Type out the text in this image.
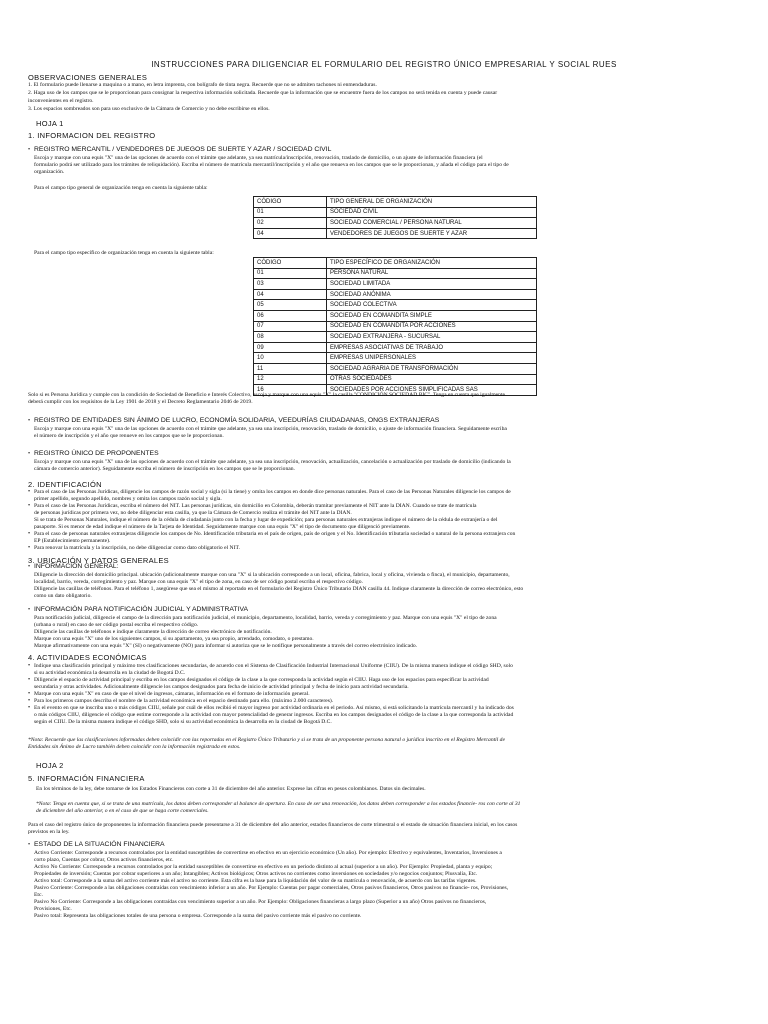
INSTRUCCIONES PARA DILIGENCIAR EL FORMULARIO DEL REGISTRO ÚNICO EMPRESARIAL Y SOCIAL RUES
OBSERVACIONES GENERALES
1. El formulario puede llenarse a maquina o a mano, en letra imprenta, con bolígrafo de tinta negra. Recuerde que no se admiten tachones ni enmendaduras.
2. Haga uso de los campos que se le proporcionan para consignar la respectiva información solicitada. Recuerde que la información que se encuentre fuera de los campos no será tenida en cuenta y puede causar
inconvenientes en el registro.
3. Los espacios sombreados son para uso exclusivo de la Cámara de Comercio y no debe escribirse en ellos.
HOJA 1
1. INFORMACION DEL REGISTRO
• REGISTRO MERCANTIL / VENDEDORES DE JUEGOS DE SUERTE Y AZAR / SOCIEDAD CIVIL
Escoja y marque con una equis "X" una de las opciones de acuerdo con el trámite que adelante, ya sea matrícula/inscripción, renovación, traslado de domicilio, o un ajuste de información financiera (el
formulario podrá ser utilizado para los trámites de reliquidación). Escriba el número de matrícula mercantil/inscripción y el año que renueva en los campos que se le proporcionan, y añada el código para el tipo de
organización.
Para el campo tipo general de organización tenga en cuenta la siguiente tabla:
CÓDIGO	TIPO GENERAL DE ORGANIZACIÓN
01	SOCIEDAD CIVIL
02	SOCIEDAD COMERCIAL / PERSONA NATURAL
04	VENDEDORES DE JUEGOS DE SUERTE Y AZAR
Para el campo tipo específico de organización tenga en cuenta la siguiente tabla:
CÓDIGO	TIPO ESPECÍFICO DE ORGANIZACIÓN
01	PERSONA NATURAL
03	SOCIEDAD LIMITADA
04	SOCIEDAD ANÓNIMA
05	SOCIEDAD COLECTIVA
06	SOCIEDAD EN COMANDITA SIMPLE
07	SOCIEDAD EN COMANDITA POR ACCIONES
08	SOCIEDAD EXTRANJERA - SUCURSAL
09	EMPRESAS ASOCIATIVAS DE TRABAJO
10	EMPRESAS UNIPERSONALES
11	SOCIEDAD AGRARIA DE TRANSFORMACIÓN
12	OTRAS SOCIEDADES
16	SOCIEDADES POR ACCIONES SIMPLIFICADAS SAS
Solo si es Persona Jurídica y cumple con la condición de Sociedad de Beneficio e Interés Colectivo, escoja y marque con una equis "X" la casilla "CONDICIÓN SOCIEDAD BIC". Tenga en cuenta que igualmente
deberá cumplir con los requisitos de la Ley 1901 de 2018 y el Decreto Reglamentario 2046 de 2019.
• REGISTRO DE ENTIDADES SIN ÁNIMO DE LUCRO, ECONOMÍA SOLIDARIA, VEEDURÍAS CIUDADANAS, ONGS EXTRANJERAS
Escoja y marque con una equis "X" una de las opciones de acuerdo con el trámite que adelante, ya sea una inscripción, renovación, traslado de domicilio, o ajuste de información financiera. Seguidamente escriba
el número de inscripción y el año que renueve en los campos que se le proporcionan.
• REGISTRO ÚNICO DE PROPONENTES
Escoja y marque con una equis "X" una de las opciones de acuerdo con el trámite que adelante, ya sea una inscripción, renovación, actualización, cancelación o actualización por traslado de domicilio (indicando la
cámara de comercio anterior). Seguidamente escriba el número de inscripción en los campos que se le proporcionan.
2. IDENTIFICACIÓN
• Para el caso de las Personas Jurídicas, diligencie los campos de razón social y sigla (si la tiene) y omita los campos en donde dice personas naturales. Para el caso de las Personas Naturales diligencie los campos de
primer apellido, segundo apellido, nombres y omita los campos razón social y sigla.
• Para el caso de las Personas Jurídicas, escriba el número del NIT. Las personas jurídicas, sin domicilio en Colombia, deberán tramitar previamente el NIT ante la DIAN. Cuando se trate de matrícula
de personas jurídicas por primera vez, no debe diligenciar esta casilla, ya que la Cámara de Comercio realiza el trámite del NIT ante la DIAN.
Si se trata de Personas Naturales, indique el número de la cédula de ciudadanía junto con la fecha y lugar de expedición; para personas naturales extranjeras indique el número de la cédula de extranjería o del
pasaporte. Si es menor de edad indique el número de la Tarjeta de Identidad. Seguidamente marque con una equis "X" el tipo de documento que diligenció previamente.
• Para el caso de personas naturales extranjeras diligencie los campos de No. Identificación tributaria en el país de origen, país de origen y el No. Identificación tributaria sociedad o natural de la persona extranjera con
EP (Establecimiento permanente).
• Para renovar la matrícula y la inscripción, no debe diligenciar como dato obligatorio el NIT.
3. UBICACIÓN Y DATOS GENERALES
• INFORMACIÓN GENERAL:
Diligencie la dirección del domicilio principal. ubicación (adicionalmente marque con una "X" si la ubicación corresponde a un local, oficina, fabrica, local y oficina, vivienda o finca), el municipio, departamento,
localidad, barrio, vereda, corregimiento y paz. Marque con una equis "X" el tipo de zona, en caso de ser código postal escriba el respectivo código.
Diligencie las casillas de teléfonos. Para el teléfono 1, asegúrese que sea el mismo al reportado en el formulario del Registro Único Tributario DIAN casilla 44. Indique claramente la dirección de correo electrónico, esto
como un dato obligatorio.
• INFORMACIÓN PARA NOTIFICACIÓN JUDICIAL Y ADMINISTRATIVA
Para notificación judicial, diligencie el campo de la dirección para notificación judicial, el municipio, departamento, localidad, barrio, vereda y corregimiento y paz. Marque con una equis "X" el tipo de zona
(urbana o rural) en caso de ser código postal escriba el respectivo código.
Diligencie las casillas de teléfonos e indique claramente la dirección de correo electrónico de notificación.
Marque con una equis "X" uno de los siguientes campos, si su apartamento, ya sea propio, arrendado, comodato, o prestamo.
Marque afirmativamente con una equis "X" (SI) o negativamente (NO) para informar si autoriza que se le notifique personalmente a través del correo electrónico indicado.
4. ACTIVIDADES ECONÓMICAS
• Indique una clasificación principal y máximo tres clasificaciones secundarias, de acuerdo con el Sistema de Clasificación Industrial Internacional Uniforme (CIIU). De la misma manera indique el código SHD, solo
si su actividad económica la desarrolla en la ciudad de Bogotá D.C.
• Diligencie el espacio de actividad principal y escriba en los campos designados el código de la clase a la que corresponda la actividad según el CIIU. Haga uso de los espacios para especificar la actividad
secundaria y otras actividades. Adicionalmente diligencie los campos designados para fecha de inicio de actividad principal y fecha de inicio para actividad secundaria.
• Marque con una equis "X" en caso de que el nivel de ingresos, cámaras, información en el formato de información general.
• Para los primeros campos describa el nombre de la actividad económica en el espacio destinado para ello. (máximo 2.000 caracteres).
• En el evento en que se inscriba uno o más códigos CIIU, señale por cuál de ellos recibió el mayor ingreso por actividad ordinaria en el periodo. Así mismo, si está solicitando la matrícula mercantil y ha indicado dos
o más códigos CIIU, diligencie el código que estime corresponde a la actividad con mayor potencialidad de generar ingresos. Escriba en los campos designados el código de la clase a la que corresponda la actividad
según el CIIU. De la misma manera indique el código SHD, solo si su actividad económica la desarrolla en la ciudad de Bogotá D.C.
*Nota: Recuerde que las clasificaciones informadas deben coincidir con las reportadas en el Registro Único Tributario y si se trata de un proponente persona natural o jurídica inscrito en el Registro Mercantil de
Entidades sin Ánimo de Lucro también deben coincidir con la información registrada en estos.
HOJA 2
5. INFORMACIÓN FINANCIERA
En los términos de la ley, debe tomarse de los Estados Financieros con corte a 31 de diciembre del año anterior. Exprese las cifras en pesos colombianos. Datos sin decimales.
*Nota: Tenga en cuenta que, si se trata de una matrícula, los datos deben corresponder al balance de apertura. En caso de ser una renovación, los datos deben corresponder a los estados financie- ros con corte al 31
de diciembre del año anterior, o en el caso de que se haga corte comerciales.
Para el caso del registro único de proponentes la información financiera puede presentarse a 31 de diciembre del año anterior, estados financieros de corte trimestral o el estado de situación financiera inicial, en los casos
previstos en la ley.
• ESTADO DE LA SITUACIÓN FINANCIERA
Activo Corriente: Corresponde a recursos controlados por la entidad susceptibles de convertirse en efectivo en un ejercicio económico (Un año). Por ejemplo: Efectivo y equivalentes, Inventarios, Inversiones a
corto plazo, Cuentas por cobrar, Otros activos financieros, etc.
Activo No Corriente: Corresponde a recursos controlados por la entidad susceptibles de convertirse en efectivo en un periodo distinto al actual (superior a un año). Por Ejemplo: Propiedad, planta y equipo;
Propiedades de inversión; Cuentas por cobrar superiores a un año; Intangibles; Activos biológicos; Otros activos no corrientes como inversiones en sociedades y/o negocios conjuntos; Plusvalía, Etc.
Activo total: Corresponde a la suma del activo corriente más el activo no corriente. Esta cifra es la base para la liquidación del valor de su matrícula o renovación, de acuerdo con las tarifas vigentes.
Pasivo Corriente: Corresponde a las obligaciones contraídas con vencimiento inferior a un año. Por Ejemplo: Cuentas por pagar comerciales, Otros pasivos financieros, Otros pasivos no financie- ros, Provisiones,
Etc.
Pasivo No Corriente: Corresponde a las obligaciones contraídas con vencimiento superior a un año. Por Ejemplo: Obligaciones financieras a largo plazo (Superior a un año) Otros pasivos no financieros,
Provisiones, Etc.
Pasivo total: Representa las obligaciones totales de una persona o empresa. Corresponde a la suma del pasivo corriente más el pasivo no corriente.
